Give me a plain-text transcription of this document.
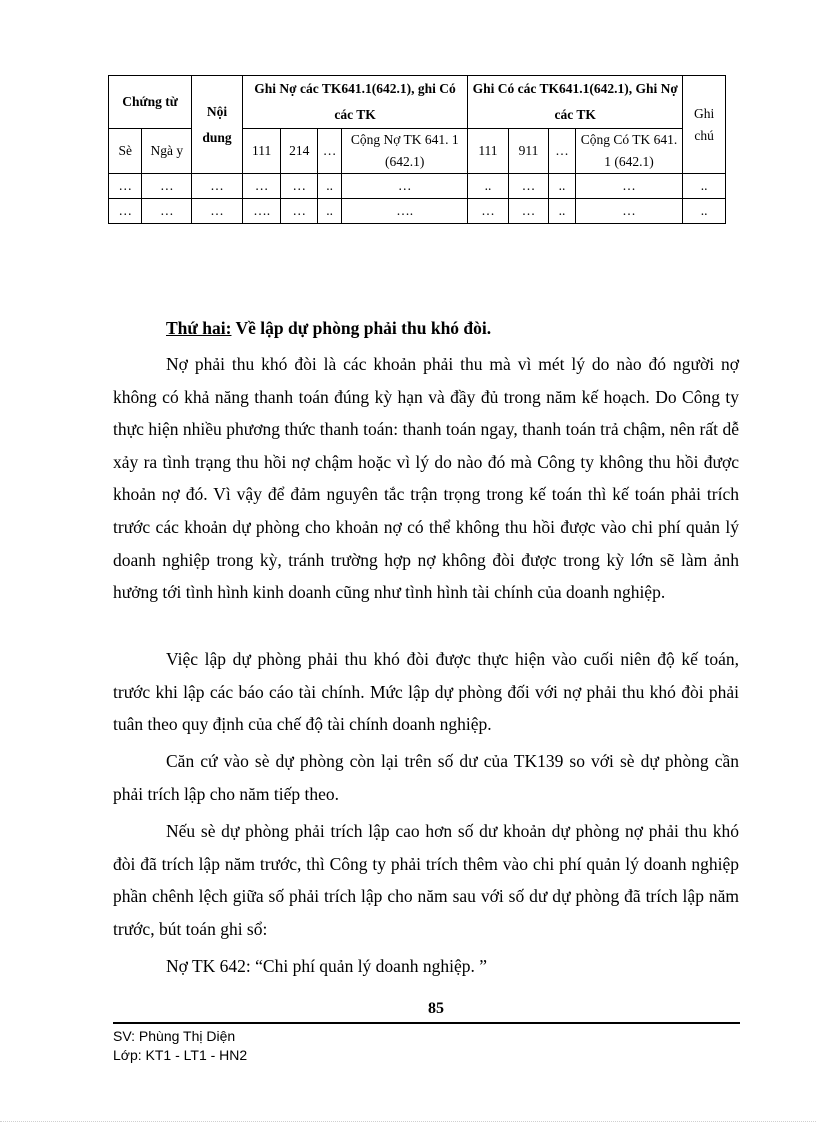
Chứng từ		Nội dung	Ghi Nợ các TK641.1(642.1), ghi Có các TK				Ghi Có các TK641.1(642.1), Ghi Nợ các TK				Ghi chú
Sè	Ngà y		111	214	…	Cộng Nợ TK 641. 1 (642.1)	111	911	…	Cộng Có TK 641. 1 (642.1)	
…	…	…	…	…	..	…	..	…	..	…	..
…	…	…	….	…	..	….	…	…	..	…	..
Thứ hai: Về lập dự phòng phải thu khó đòi.

Nợ phải thu khó đòi là các khoản phải thu mà vì mét lý do nào đó người nợ không có khả năng thanh toán đúng kỳ hạn và đầy đủ trong năm kế hoạch. Do Công ty thực hiện nhiều phương thức thanh toán: thanh toán ngay, thanh toán trả chậm, nên rất dễ xảy ra tình trạng thu hồi nợ chậm hoặc vì lý do nào đó mà Công ty không thu hồi được khoản nợ đó. Vì vậy để đảm nguyên tắc trận trọng trong kế toán thì kế toán phải trích trước các khoản dự phòng cho khoản nợ có thể không thu hồi được vào chi phí quản lý doanh nghiệp trong kỳ, tránh trường hợp nợ không đòi được trong kỳ lớn sẽ làm ảnh hưởng tới tình hình kinh doanh cũng như tình hình tài chính của doanh nghiệp.

Việc lập dự phòng phải thu khó đòi được thực hiện vào cuối niên độ kế toán, trước khi lập các báo cáo tài chính. Mức lập dự phòng đối với nợ phải thu khó đòi phải tuân theo quy định của chế độ tài chính doanh nghiệp.

Căn cứ vào sè dự phòng còn lại trên số dư của TK139 so với sè dự phòng cần phải trích lập cho năm tiếp theo.

Nếu sè dự phòng phải trích lập cao hơn số dư khoản dự phòng nợ phải thu khó đòi đã trích lập năm trước, thì Công ty phải trích thêm vào chi phí quản lý doanh nghiệp phần chênh lệch giữa số phải trích lập cho năm sau với số dư dự phòng đã trích lập năm trước, bút toán ghi sổ:

Nợ TK 642: “Chi phí quản lý doanh nghiệp. ”

85
SV: Phùng Thị Diện
Lớp: KT1 - LT1 - HN2
